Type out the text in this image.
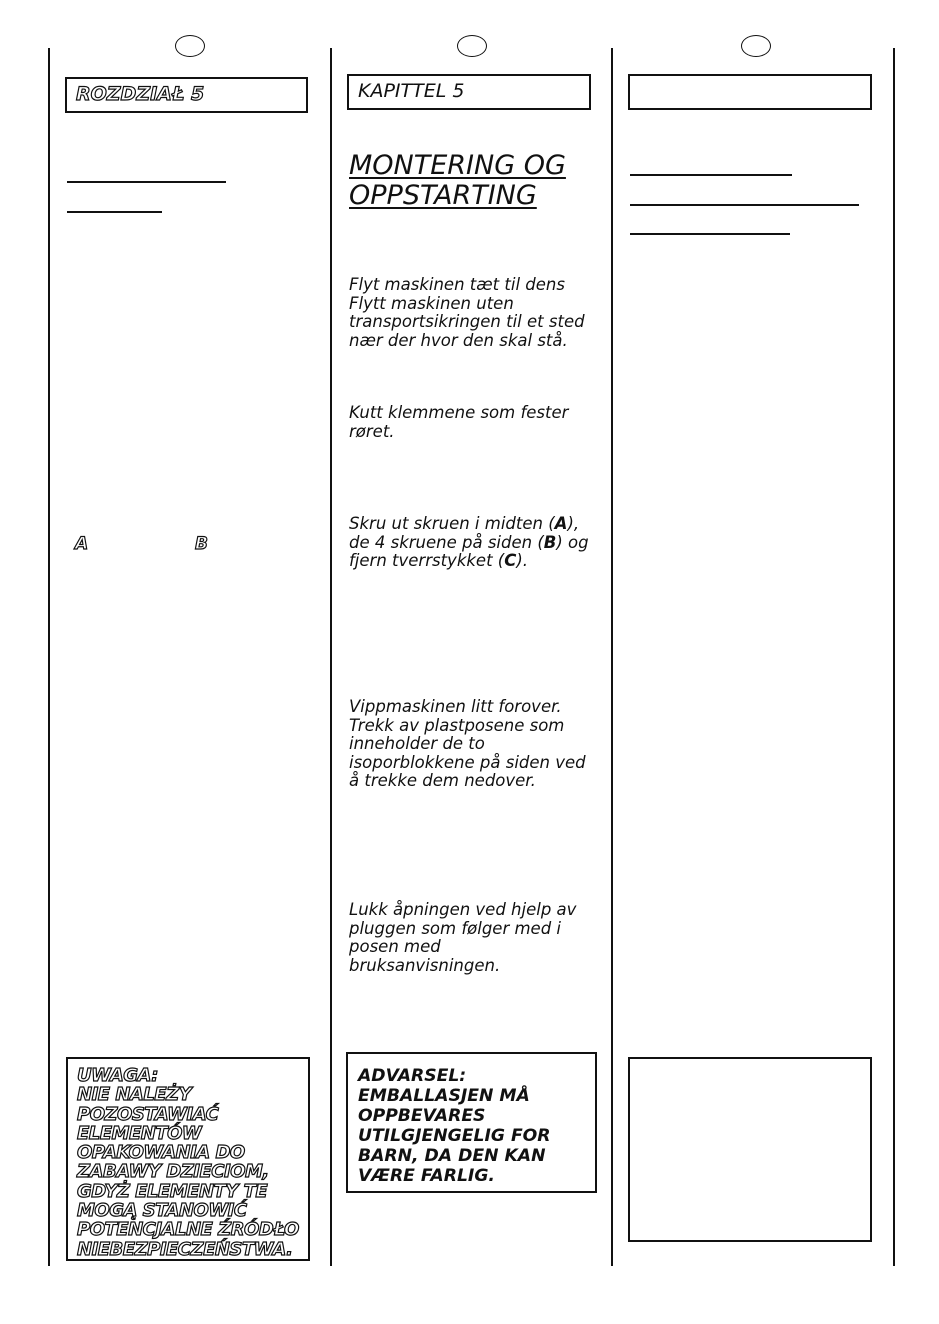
ROZDZIAŁ 5	KAPITTEL 5
A	B
MONTERING OG
OPPSTARTING

Flyt maskinen tæt til dens
Flytt maskinen uten
transportsikringen til et sted
nær der hvor den skal stå.

Kutt klemmene som fester
røret.

Skru ut skruen i midten (A),
de 4 skruene på siden (B) og
fjern tverrstykket (C).

Vippmaskinen litt forover.
Trekk av plastposene som
inneholder de to
isoporblokkene på siden ved
å trekke dem nedover.

Lukk åpningen ved hjelp av
pluggen som følger med i
posen med
bruksanvisningen.

UWAGA:
NIE NALEŻY
POZOSTAWIAĆ
ELEMENTÓW
OPAKOWANIA DO
ZABAWY DZIECIOM,
GDYŻ ELEMENTY TE
MOGĄ STANOWIĆ
POTENCJALNE ŹRÓDŁO
NIEBEZPIECZEŃSTWA.

ADVARSEL:
EMBALLASJEN MÅ
OPPBEVARES
UTILGJENGELIG FOR
BARN, DA DEN KAN
VÆRE FARLIG.
